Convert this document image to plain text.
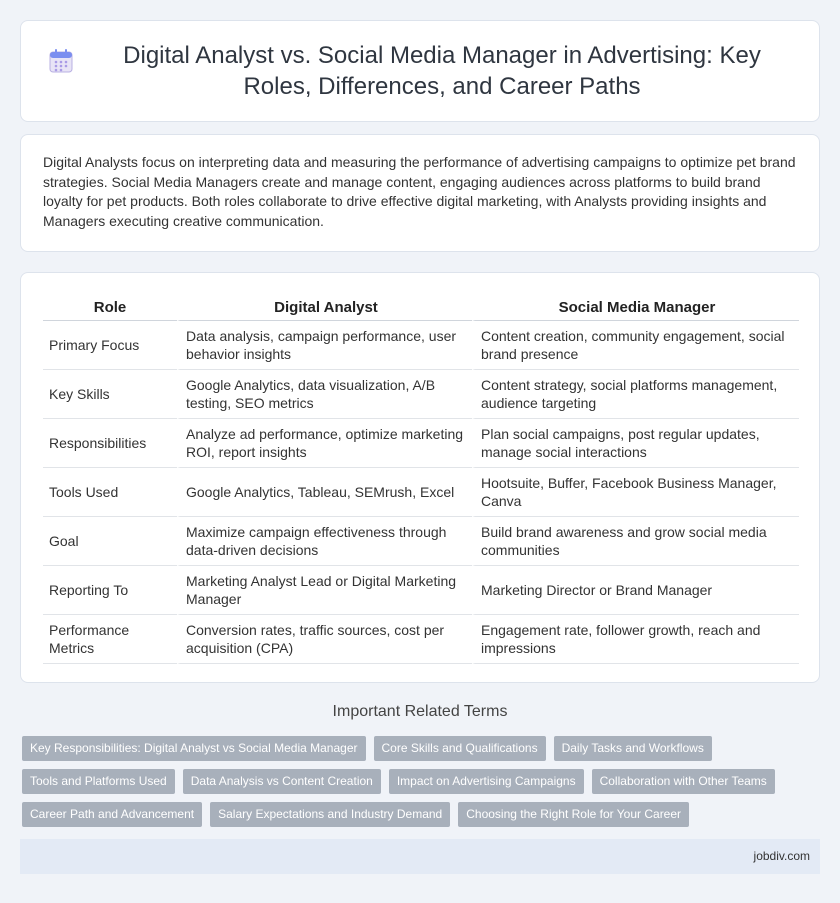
Digital Analyst vs. Social Media Manager in Advertising: Key Roles, Differences, and Career Paths

Digital Analysts focus on interpreting data and measuring the performance of advertising campaigns to optimize pet brand strategies. Social Media Managers create and manage content, engaging audiences across platforms to build brand loyalty for pet products. Both roles collaborate to drive effective digital marketing, with Analysts providing insights and Managers executing creative communication.

Role	Digital Analyst	Social Media Manager
Primary Focus	Data analysis, campaign performance, user behavior insights	Content creation, community engagement, social brand presence
Key Skills	Google Analytics, data visualization, A/B testing, SEO metrics	Content strategy, social platforms management, audience targeting
Responsibilities	Analyze ad performance, optimize marketing ROI, report insights	Plan social campaigns, post regular updates, manage social interactions
Tools Used	Google Analytics, Tableau, SEMrush, Excel	Hootsuite, Buffer, Facebook Business Manager, Canva
Goal	Maximize campaign effectiveness through data-driven decisions	Build brand awareness and grow social media communities
Reporting To	Marketing Analyst Lead or Digital Marketing Manager	Marketing Director or Brand Manager
Performance Metrics	Conversion rates, traffic sources, cost per acquisition (CPA)	Engagement rate, follower growth, reach and impressions
Important Related Terms
Key Responsibilities: Digital Analyst vs Social Media Manager	Core Skills and Qualifications	Daily Tasks and Workflows
Tools and Platforms Used	Data Analysis vs Content Creation	Impact on Advertising Campaigns	Collaboration with Other Teams
Career Path and Advancement	Salary Expectations and Industry Demand	Choosing the Right Role for Your Career
jobdiv.com
